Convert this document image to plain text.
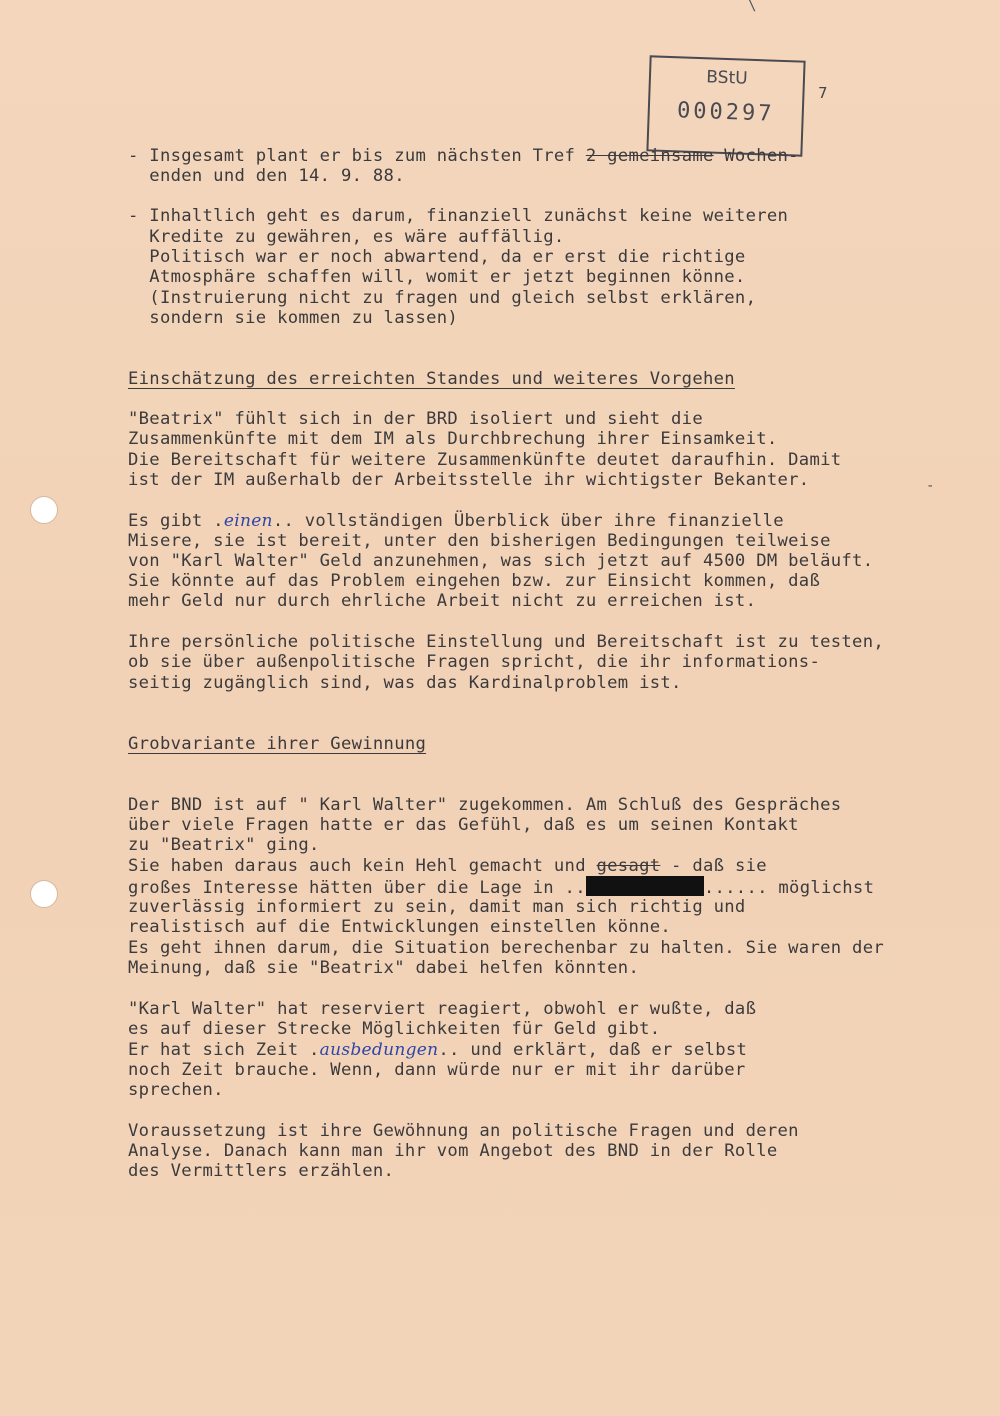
\
BStU
000297
7
- Insgesamt plant er bis zum nächsten Tref 2 gemeinsame Wochen-
enden und den 14. 9. 88.
- Inhaltlich geht es darum, finanziell zunächst keine weiteren
Kredite zu gewähren, es wäre auffällig.
Politisch war er noch abwartend, da er erst die richtige
Atmosphäre schaffen will, womit er jetzt beginnen könne.
(Instruierung nicht zu fragen und gleich selbst erklären,
sondern sie kommen zu lassen)
Einschätzung des erreichten Standes und weiteres Vorgehen
"Beatrix" fühlt sich in der BRD isoliert und sieht die
Zusammenkünfte mit dem IM als Durchbrechung ihrer Einsamkeit.
Die Bereitschaft für weitere Zusammenkünfte deutet daraufhin. Damit
ist der IM außerhalb der Arbeitsstelle ihr wichtigster Bekanter.
Es gibt .einen.. vollständigen Überblick über ihre finanzielle
Misere, sie ist bereit, unter den bisherigen Bedingungen teilweise
von "Karl Walter" Geld anzunehmen, was sich jetzt auf 4500 DM beläuft.
Sie könnte auf das Problem eingehen bzw. zur Einsicht kommen, daß
mehr Geld nur durch ehrliche Arbeit nicht zu erreichen ist.
Ihre persönliche politische Einstellung und Bereitschaft ist zu testen,
ob sie über außenpolitische Fragen spricht, die ihr informations-
seitig zugänglich sind, was das Kardinalproblem ist.
Grobvariante ihrer Gewinnung
Der BND ist auf " Karl Walter" zugekommen. Am Schluß des Gespräches
über viele Fragen hatte er das Gefühl, daß es um seinen Kontakt
zu "Beatrix" ging.
Sie haben daraus auch kein Hehl gemacht und gesagt - daß sie
großes Interesse hätten über die Lage in ..	...... möglichst
zuverlässig informiert zu sein, damit man sich richtig und
realistisch auf die Entwicklungen einstellen könne.
Es geht ihnen darum, die Situation berechenbar zu halten. Sie waren der
Meinung, daß sie "Beatrix" dabei helfen könnten.
"Karl Walter" hat reserviert reagiert, obwohl er wußte, daß
es auf dieser Strecke Möglichkeiten für Geld gibt.
Er hat sich Zeit .ausbedungen.. und erklärt, daß er selbst
noch Zeit brauche. Wenn, dann würde nur er mit ihr darüber
sprechen.
Voraussetzung ist ihre Gewöhnung an politische Fragen und deren
Analyse. Danach kann man ihr vom Angebot des BND in der Rolle
des Vermittlers erzählen.
-
